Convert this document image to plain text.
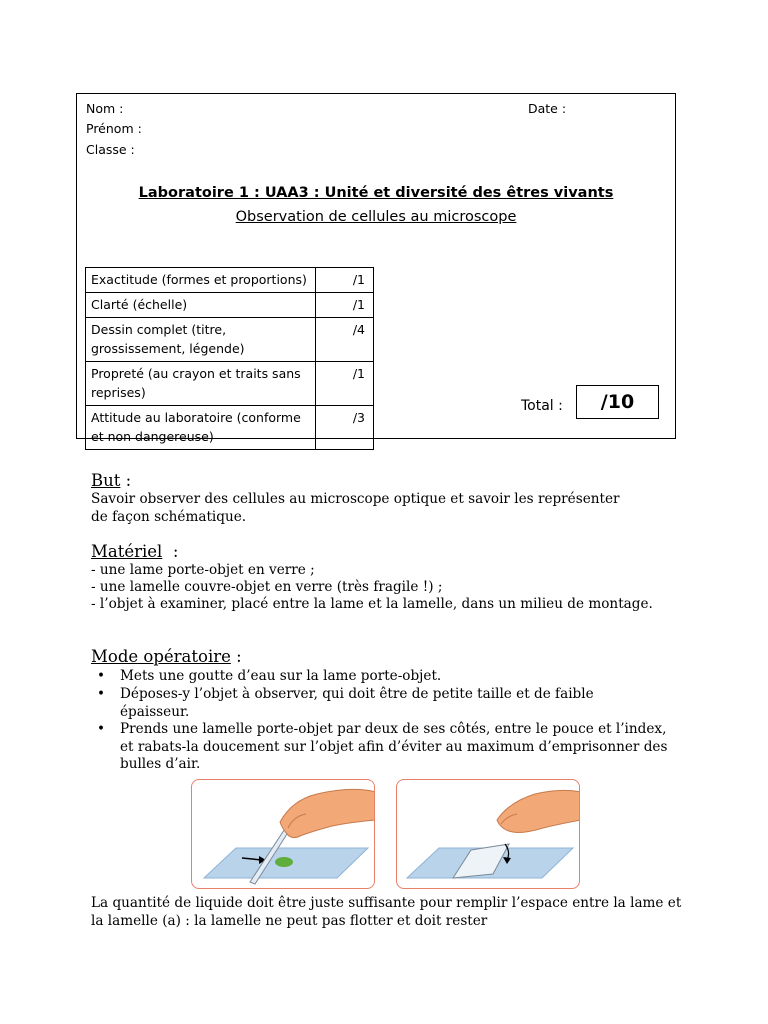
Nom :	Date :
Prénom :
Classe :
Laboratoire 1 : UAA3 : Unité et diversité des êtres vivants
Observation de cellules au microscope
Exactitude (formes et proportions)	/1
Clarté (échelle)	/1
Dessin complet (titre, grossissement, légende)	/4
Propreté (au crayon et traits sans reprises)	/1
Attitude au laboratoire (conforme et non dangereuse)	/3
Total : /10
But :
Savoir observer des cellules au microscope optique et savoir les représenter de façon schématique.
Matériel  :
- une lame porte-objet en verre ;
- une lamelle couvre-objet en verre (très fragile !) ;
- l’objet à examiner, placé entre la lame et la lamelle, dans un milieu de montage.
Mode opératoire :
• Mets une goutte d’eau sur la lame porte-objet.
• Déposes-y l’objet à observer, qui doit être de petite taille et de faible épaisseur.
• Prends une lamelle porte-objet par deux de ses côtés, entre le pouce et l’index, et rabats-la doucement sur l’objet afin d’éviter au maximum d’emprisonner des bulles d’air.
La quantité de liquide doit être juste suffisante pour remplir l’espace entre la lame et la lamelle (a) : la lamelle ne peut pas flotter et doit rester
